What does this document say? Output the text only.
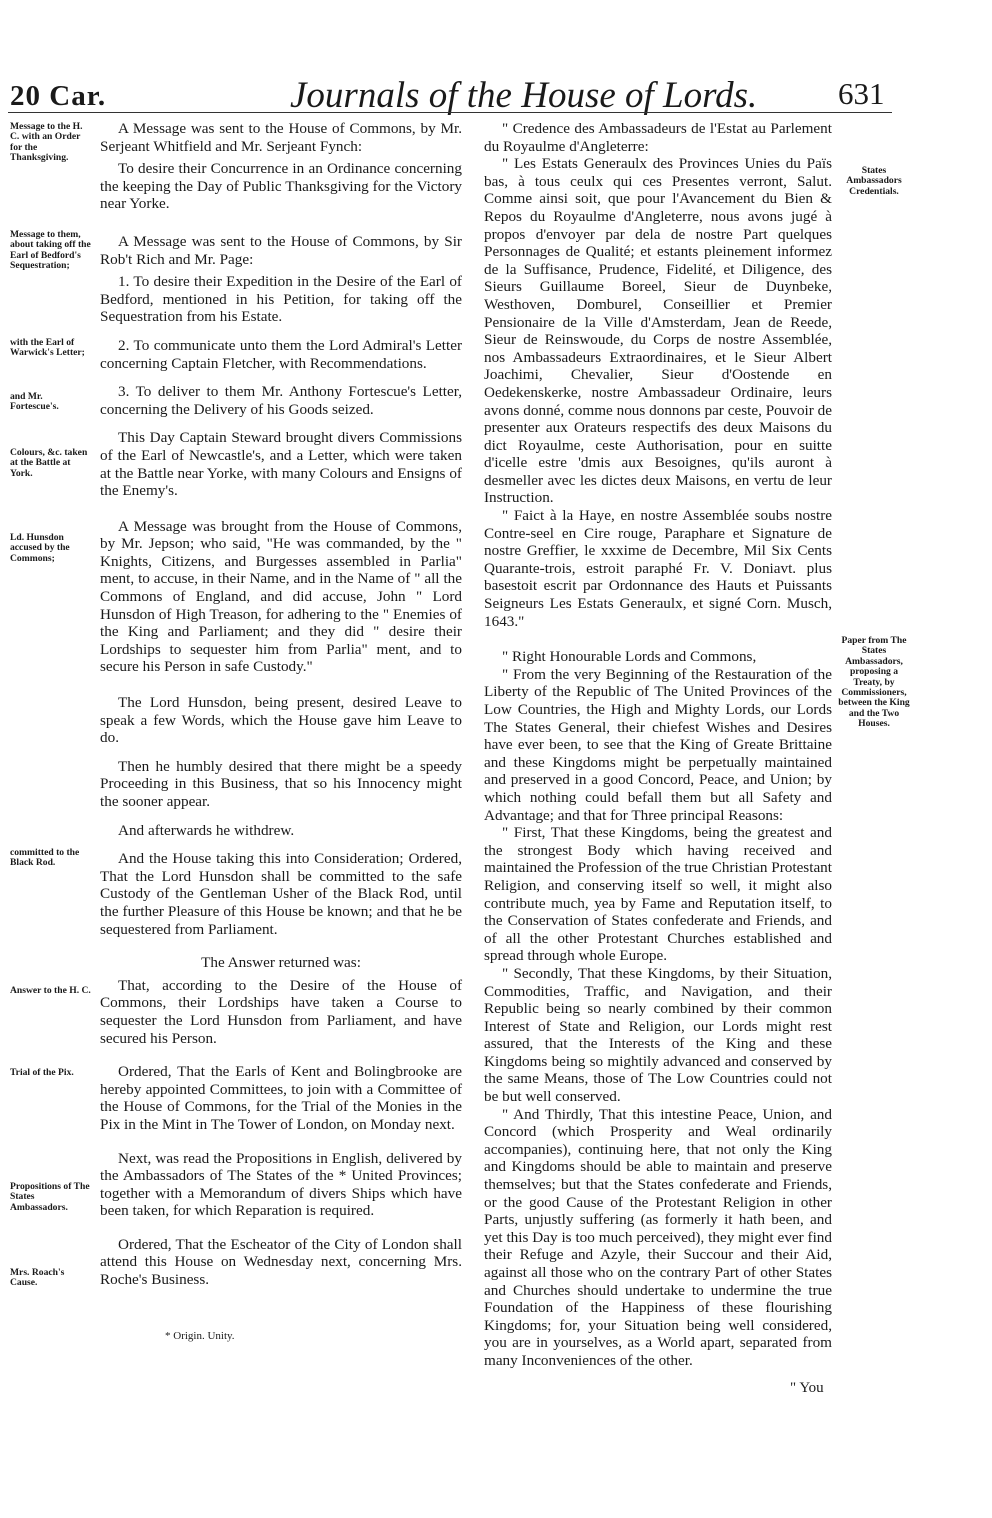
20 Car.	Journals of the House of Lords.	631
Message to the H. C. with an Order for the Thanksgiving.
Message to them, about taking off the Earl of Bedford's Sequestration;
with the Earl of Warwick's Letter;
and Mr. Fortescue's.
Colours, &c. taken at the Battle at York.
Ld. Hunsdon accused by the Commons;
committed to the Black Rod.
Answer to the H. C.
Trial of the Pix.
Propositions of The States Ambassadors.
Mrs. Roach's Cause.

A Message was sent to the House of Commons, by Mr. Serjeant Whitfield and Mr. Serjeant Fynch:

To desire their Concurrence in an Ordinance concerning the keeping the Day of Public Thanksgiving for the Victory near Yorke.

A Message was sent to the House of Commons, by Sir Rob't Rich and Mr. Page:

1. To desire their Expedition in the Desire of the Earl of Bedford, mentioned in his Petition, for taking off the Sequestration from his Estate.

2. To communicate unto them the Lord Admiral's Letter concerning Captain Fletcher, with Recommendations.

3. To deliver to them Mr. Anthony Fortescue's Letter, concerning the Delivery of his Goods seized.

This Day Captain Steward brought divers Commissions of the Earl of Newcastle's, and a Letter, which were taken at the Battle near Yorke, with many Colours and Ensigns of the Enemy's.

A Message was brought from the House of Commons, by Mr. Jepson; who said, "He was commanded, by the " Knights, Citizens, and Burgesses assembled in Parlia" ment, to accuse, in their Name, and in the Name of " all the Commons of England, and did accuse, John " Lord Hunsdon of High Treason, for adhering to the " Enemies of the King and Parliament; and they did " desire their Lordships to sequester him from Parlia" ment, and to secure his Person in safe Custody."

The Lord Hunsdon, being present, desired Leave to speak a few Words, which the House gave him Leave to do.

Then he humbly desired that there might be a speedy Proceeding in this Business, that so his Innocency might the sooner appear.

And afterwards he withdrew.

And the House taking this into Consideration; Ordered, That the Lord Hunsdon shall be committed to the safe Custody of the Gentleman Usher of the Black Rod, until the further Pleasure of this House be known; and that he be sequestered from Parliament.

The Answer returned was:

That, according to the Desire of the House of Commons, their Lordships have taken a Course to sequester the Lord Hunsdon from Parliament, and have secured his Person.

Ordered, That the Earls of Kent and Bolingbrooke are hereby appointed Committees, to join with a Committee of the House of Commons, for the Trial of the Monies in the Pix in the Mint in The Tower of London, on Monday next.

Next, was read the Propositions in English, delivered by the Ambassadors of The States of the * United Provinces; together with a Memorandum of divers Ships which have been taken, for which Reparation is required.

Ordered, That the Escheator of the City of London shall attend this House on Wednesday next, concerning Mrs. Roche's Business.

" Credence des Ambassadeurs de l'Estat au Parlement du Royaulme d'Angleterre:

" Les Estats Generaulx des Provinces Unies du Païs bas, à tous ceulx qui ces Presentes verront, Salut. Comme ainsi soit, que pour l'Avancement du Bien & Repos du Royaulme d'Angleterre, nous avons jugé à propos d'envoyer par dela de nostre Part quelques Personnages de Qualité; et estants pleinement informez de la Suffisance, Prudence, Fidelité, et Diligence, des Sieurs Guillaume Boreel, Sieur de Duynbeke, Westhoven, Domburel, Conseillier et Premier Pensionaire de la Ville d'Amsterdam, Jean de Reede, Sieur de Reinswoude, du Corps de nostre Assemblée, nos Ambassadeurs Extraordinaires, et le Sieur Albert Joachimi, Chevalier, Sieur d'Oostende en Oedekenskerke, nostre Ambassadeur Ordinaire, leurs avons donné, comme nous donnons par ceste, Pouvoir de presenter aux Orateurs respectifs des deux Maisons du dict Royaulme, ceste Authorisation, pour en suitte d'icelle estre 'dmis aux Besoignes, qu'ils auront à desmeller avec les dictes deux Maisons, en vertu de leur Instruction.

" Faict à la Haye, en nostre Assemblée soubs nostre Contre-seel en Cire rouge, Paraphare et Signature de nostre Greffier, le xxxime de Decembre, Mil Six Cents Quarante-trois, estroit paraphé Fr. V. Doniavt. plus basestoit escrit par Ordonnance des Hauts et Puissants Seigneurs Les Estats Generaulx, et signé Corn. Musch, 1643."

" Right Honourable Lords and Commons,

" From the very Beginning of the Restauration of the Liberty of the Republic of The United Provinces of the Low Countries, the High and Mighty Lords, our Lords The States General, their chiefest Wishes and Desires have ever been, to see that the King of Greate Brittaine and these Kingdoms might be perpetually maintained and preserved in a good Concord, Peace, and Union; by which nothing could befall them but all Safety and Advantage; and that for Three principal Reasons:

" First, That these Kingdoms, being the greatest and the strongest Body which having received and maintained the Profession of the true Christian Protestant Religion, and conserving itself so well, it might also contribute much, yea by Fame and Reputation itself, to the Conservation of States confederate and Friends, and of all the other Protestant Churches established and spread through whole Europe.

" Secondly, That these Kingdoms, by their Situation, Commodities, Traffic, and Navigation, and their Republic being so nearly combined by their common Interest of State and Religion, our Lords might rest assured, that the Interests of the King and these Kingdoms being so mightily advanced and conserved by the same Means, those of The Low Countries could not be but well conserved.

" And Thirdly, That this intestine Peace, Union, and Concord (which Prosperity and Weal ordinarily accompanies), continuing here, that not only the King and Kingdoms should be able to maintain and preserve themselves; but that the States confederate and Friends, or the good Cause of the Protestant Religion in other Parts, unjustly suffering (as formerly it hath been, and yet this Day is too much perceived), they might ever find their Refuge and Azyle, their Succour and their Aid, against all those who on the contrary Part of other States and Churches should undertake to undermine the true Foundation of the Happiness of these flourishing Kingdoms; for, your Situation being well considered, you are in yourselves, as a World apart, separated from many Inconveniences of the other.

States Ambassadors Credentials.
Paper from The States Ambassadors, proposing a Treaty, by Commissioners, between the King and the Two Houses.
* Origin. Unity.
" You
